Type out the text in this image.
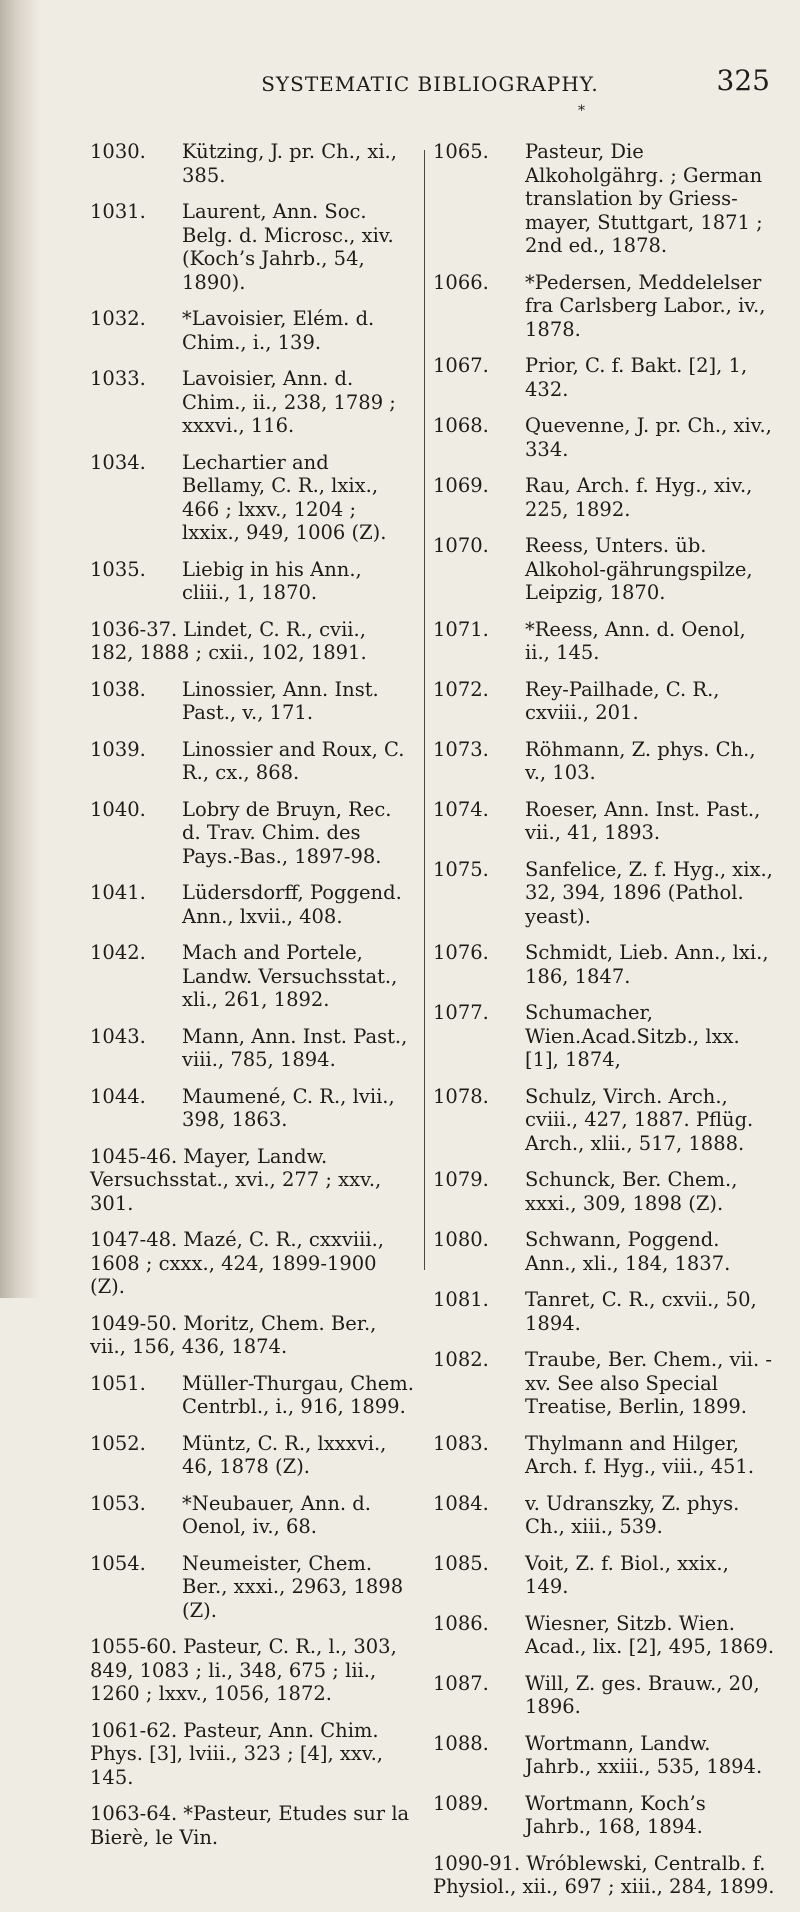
SYSTEMATIC BIBLIOGRAPHY.	325
*
1030. Kützing, J. pr. Ch., xi., 385.
1031. Laurent, Ann. Soc. Belg. d. Microsc., xiv. (Koch’s Jahrb., 54, 1890).
1032. *Lavoisier, Elém. d. Chim., i., 139.
1033. Lavoisier, Ann. d. Chim., ii., 238, 1789 ; xxxvi., 116.
1034. Lechartier and Bellamy, C. R., lxix., 466 ; lxxv., 1204 ; lxxix., 949, 1006 (Z).
1035. Liebig in his Ann., cliii., 1, 1870.
1036-37. Lindet, C. R., cvii., 182, 1888 ; cxii., 102, 1891.
1038. Linossier, Ann. Inst. Past., v., 171.
1039. Linossier and Roux, C. R., cx., 868.
1040. Lobry de Bruyn, Rec. d. Trav. Chim. des Pays.-Bas., 1897-98.
1041. Lüdersdorff, Poggend. Ann., lxvii., 408.
1042. Mach and Portele, Landw. Versuchsstat., xli., 261, 1892.
1043. Mann, Ann. Inst. Past., viii., 785, 1894.
1044. Maumené, C. R., lvii., 398, 1863.
1045-46. Mayer, Landw. Versuchsstat., xvi., 277 ; xxv., 301.
1047-48. Mazé, C. R., cxxviii., 1608 ; cxxx., 424, 1899-1900 (Z).
1049-50. Moritz, Chem. Ber., vii., 156, 436, 1874.
1051. Müller-Thurgau, Chem. Centrbl., i., 916, 1899.
1052. Müntz, C. R., lxxxvi., 46, 1878 (Z).
1053. *Neubauer, Ann. d. Oenol, iv., 68.
1054. Neumeister, Chem. Ber., xxxi., 2963, 1898 (Z).
1055-60. Pasteur, C. R., l., 303, 849, 1083 ; li., 348, 675 ; lii., 1260 ; lxxv., 1056, 1872.
1061-62. Pasteur, Ann. Chim. Phys. [3], lviii., 323 ; [4], xxv., 145.
1063-64. *Pasteur, Etudes sur la Bierè, le Vin.
1065. Pasteur, Die Alkoholgährg. ; German translation by Griess-mayer, Stuttgart, 1871 ; 2nd ed., 1878.
1066. *Pedersen, Meddelelser fra Carlsberg Labor., iv., 1878.
1067. Prior, C. f. Bakt. [2], 1, 432.
1068. Quevenne, J. pr. Ch., xiv., 334.
1069. Rau, Arch. f. Hyg., xiv., 225, 1892.
1070. Reess, Unters. üb. Alkohol-gährungspilze, Leipzig, 1870.
1071. *Reess, Ann. d. Oenol, ii., 145.
1072. Rey-Pailhade, C. R., cxviii., 201.
1073. Röhmann, Z. phys. Ch., v., 103.
1074. Roeser, Ann. Inst. Past., vii., 41, 1893.
1075. Sanfelice, Z. f. Hyg., xix., 32, 394, 1896 (Pathol. yeast).
1076. Schmidt, Lieb. Ann., lxi., 186, 1847.
1077. Schumacher, Wien.Acad.Sitzb., lxx. [1], 1874,
1078. Schulz, Virch. Arch., cviii., 427, 1887. Pflüg. Arch., xlii., 517, 1888.
1079. Schunck, Ber. Chem., xxxi., 309, 1898 (Z).
1080. Schwann, Poggend. Ann., xli., 184, 1837.
1081. Tanret, C. R., cxvii., 50, 1894.
1082. Traube, Ber. Chem., vii. - xv. See also Special Treatise, Berlin, 1899.
1083. Thylmann and Hilger, Arch. f. Hyg., viii., 451.
1084. v. Udranszky, Z. phys. Ch., xiii., 539.
1085. Voit, Z. f. Biol., xxix., 149.
1086. Wiesner, Sitzb. Wien. Acad., lix. [2], 495, 1869.
1087. Will, Z. ges. Brauw., 20, 1896.
1088. Wortmann, Landw. Jahrb., xxiii., 535, 1894.
1089. Wortmann, Koch’s Jahrb., 168, 1894.
1090-91. Wróblewski, Centralb. f. Physiol., xii., 697 ; xiii., 284, 1899.
